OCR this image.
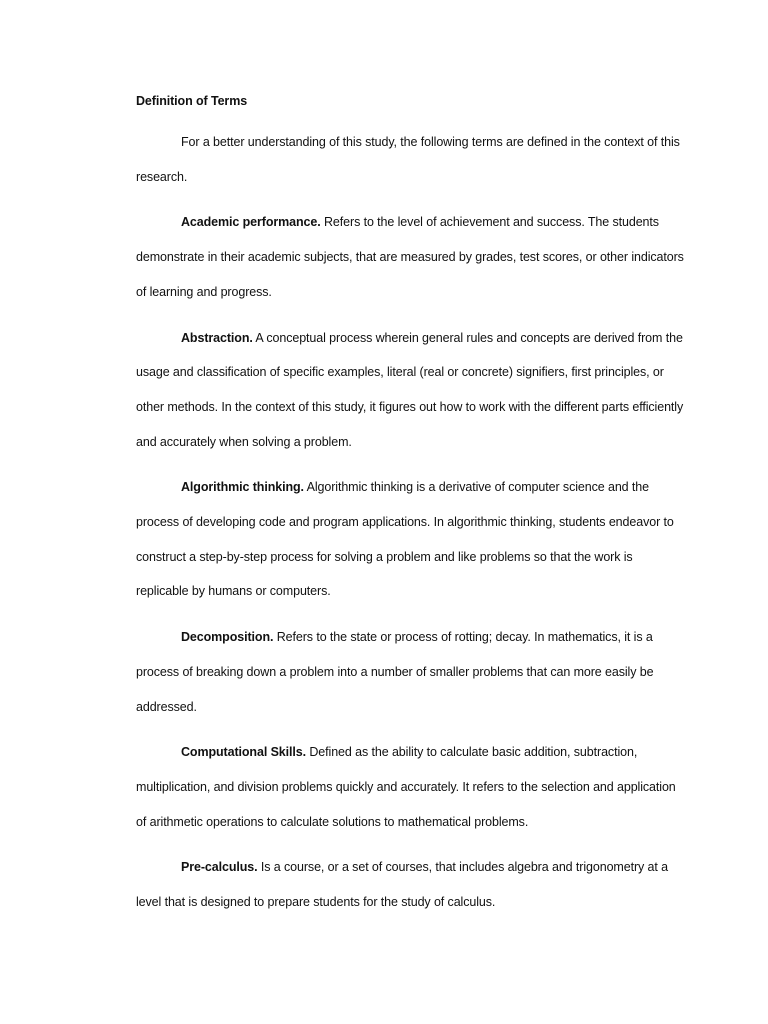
Definition of Terms

For a better understanding of this study, the following terms are defined in the context of this research.

Academic performance. Refers to the level of achievement and success. The students demonstrate in their academic subjects, that are measured by grades, test scores, or other indicators of learning and progress.

Abstraction. A conceptual process wherein general rules and concepts are derived from the usage and classification of specific examples, literal (real or concrete) signifiers, first principles, or other methods. In the context of this study, it figures out how to work with the different parts efficiently and accurately when solving a problem.

Algorithmic thinking. Algorithmic thinking is a derivative of computer science and the process of developing code and program applications. In algorithmic thinking, students endeavor to construct a step-by-step process for solving a problem and like problems so that the work is replicable by humans or computers.

Decomposition. Refers to the state or process of rotting; decay. In mathematics, it is a process of breaking down a problem into a number of smaller problems that can more easily be addressed.

Computational Skills. Defined as the ability to calculate basic addition, subtraction, multiplication, and division problems quickly and accurately. It refers to the selection and application of arithmetic operations to calculate solutions to mathematical problems.

Pre-calculus. Is a course, or a set of courses, that includes algebra and trigonometry at a level that is designed to prepare students for the study of calculus.
